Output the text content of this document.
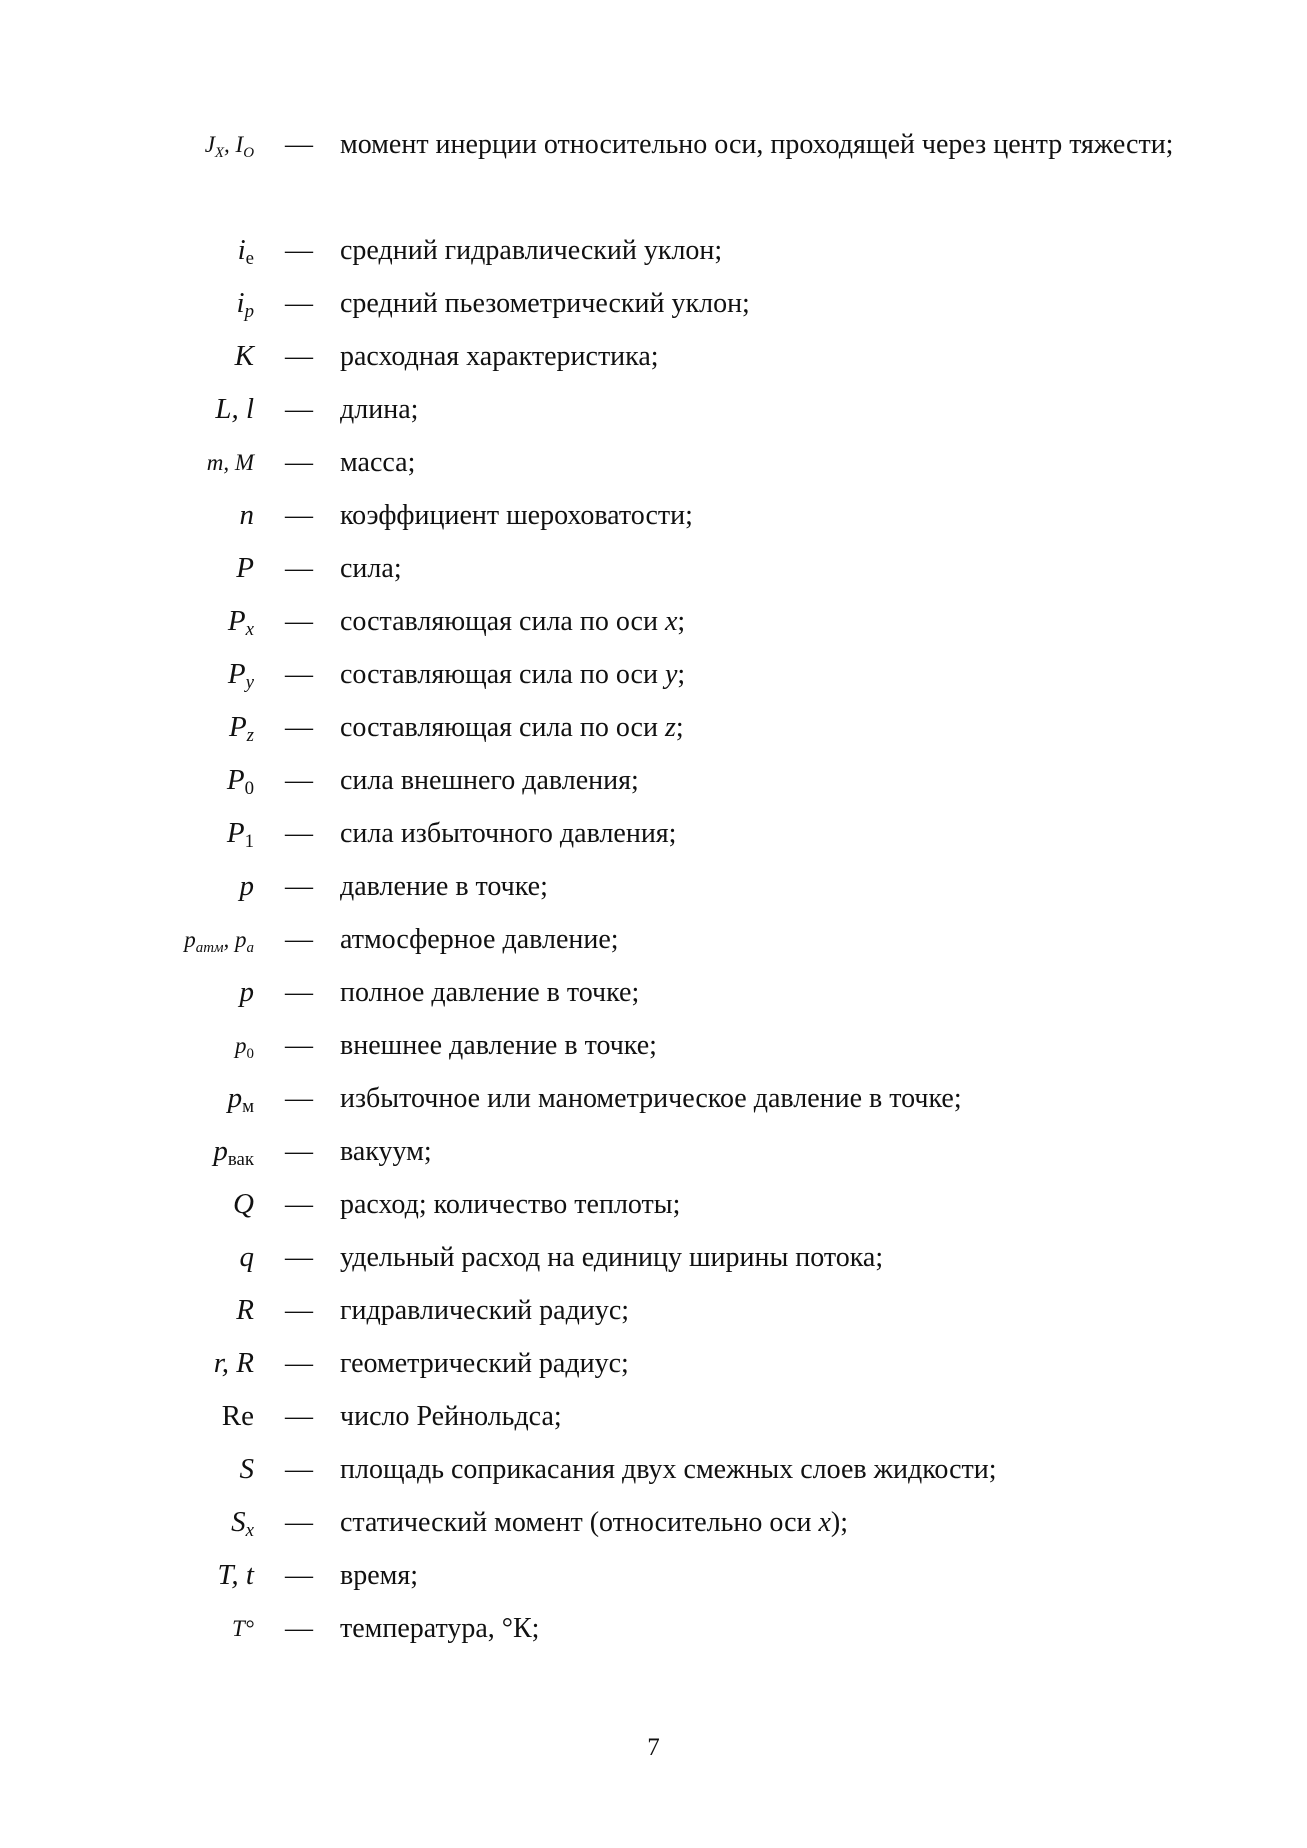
$J_X$, $I_O$	— момент инерции относительно оси, проходящей через центр тяжести;
$i_е$	— средний гидравлический уклон;
$i_p$	— средний пьезометрический уклон;
K	— расходная характеристика;
L, l	— длина;
m, M	— масса;
n	— коэффициент шероховатости;
P	— сила;
$P_x$	— составляющая сила по оси x;
$P_y$	— составляющая сила по оси y;
$P_z$	— составляющая сила по оси z;
$P_0$	— сила внешнего давления;
$P_1$	— сила избыточного давления;
p	— давление в точке;
$p_{атм}$, $p_a$	— атмосферное давление;
p	— полное давление в точке;
$p_0$	— внешнее давление в точке;
$p_м$	— избыточное или манометрическое давление в точке;
$p_{вак}$	— вакуум;
Q	— расход; количество теплоты;
q	— удельный расход на единицу ширины потока;
R	— гидравлический радиус;
r, R	— геометрический радиус;
Re	— число Рейнольдса;
S	— площадь соприкасания двух смежных слоев жидкости;
$S_x$	— статический момент (относительно оси x);
T, t	— время;
T°	— температура, °К;
7
